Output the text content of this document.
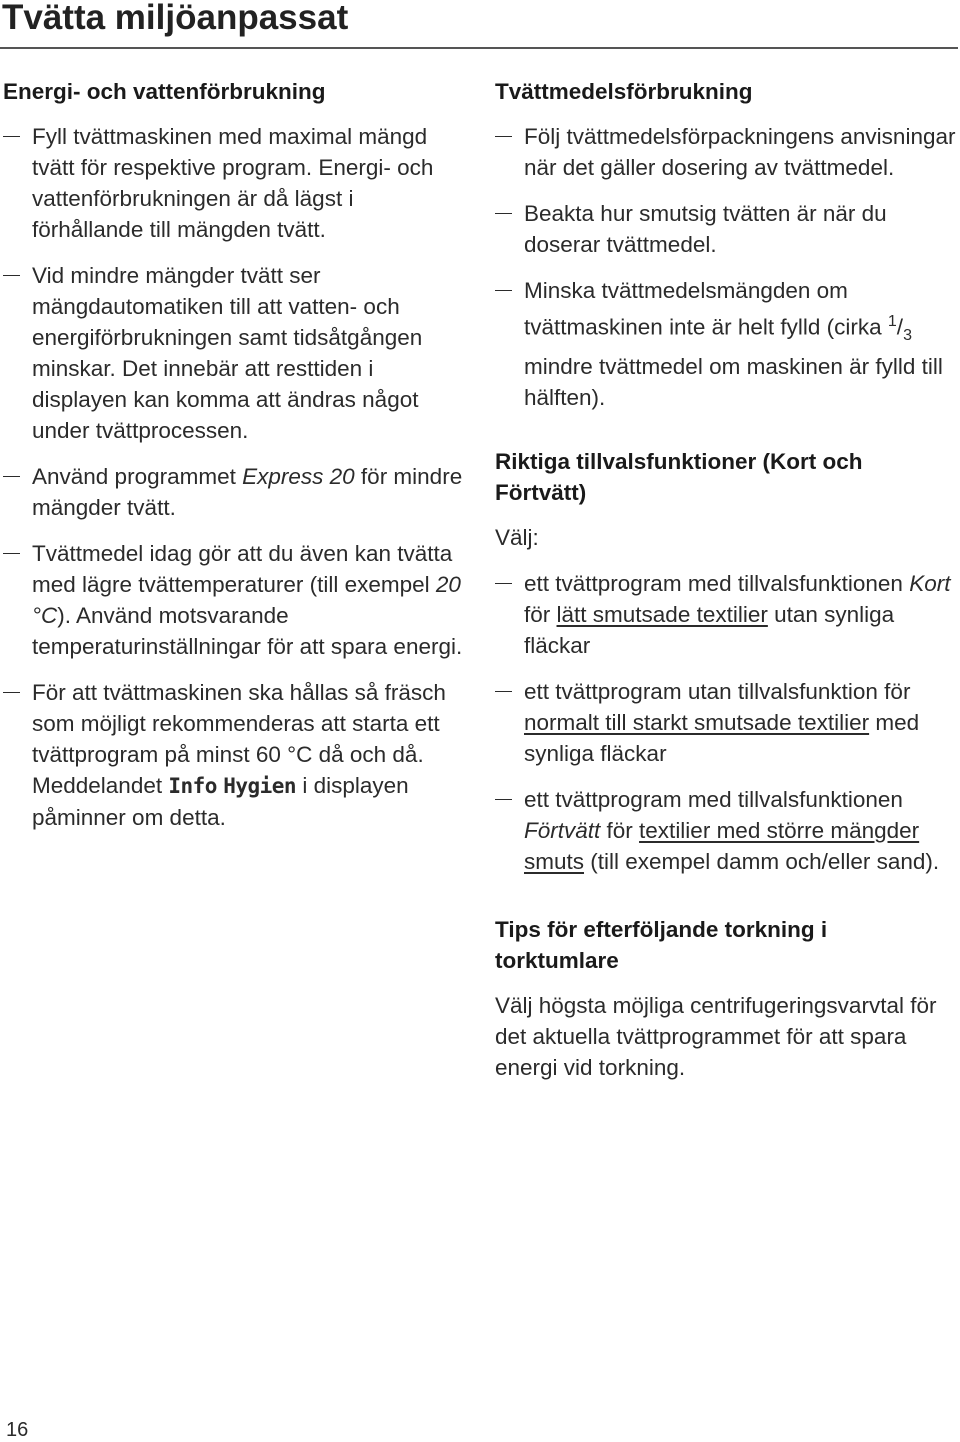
Tvätta miljöanpassat
Energi- och vattenförbrukning
Fyll tvättmaskinen med maximal mängd tvätt för respektive program. Energi- och vattenförbrukningen är då lägst i förhållande till mängden tvätt.
Vid mindre mängder tvätt ser mängdautomatiken till att vatten- och energiförbrukningen samt tidsåtgången minskar. Det innebär att resttiden i displayen kan komma att ändras något under tvättprocessen.
Använd programmet Express 20 för mindre mängder tvätt.
Tvättmedel idag gör att du även kan tvätta med lägre tvättemperaturer (till exempel 20 °C). Använd motsvarande temperaturinställningar för att spara energi.
För att tvättmaskinen ska hållas så fräsch som möjligt rekommenderas att starta ett tvättprogram på minst 60 °C då och då. Meddelandet Info Hygien i displayen påminner om detta.
Tvättmedelsförbrukning
Följ tvättmedelsförpackningens anvisningar när det gäller dosering av tvättmedel.
Beakta hur smutsig tvätten är när du doserar tvättmedel.
Minska tvättmedelsmängden om tvättmaskinen inte är helt fylld (cirka $^1/_3$ mindre tvättmedel om maskinen är fylld till hälften).
Riktiga tillvalsfunktioner (Kort och Förtvätt)

Välj:

ett tvättprogram med tillvalsfunktionen Kort för lätt smutsade textilier utan synliga fläckar
ett tvättprogram utan tillvalsfunktion för normalt till starkt smutsade textilier med synliga fläckar
ett tvättprogram med tillvalsfunktionen Förtvätt för textilier med större mängder smuts (till exempel damm och/eller sand).
Tips för efterföljande torkning i torktumlare

Välj högsta möjliga centrifugeringsvarvtal för det aktuella tvättprogrammet för att spara energi vid torkning.

16
